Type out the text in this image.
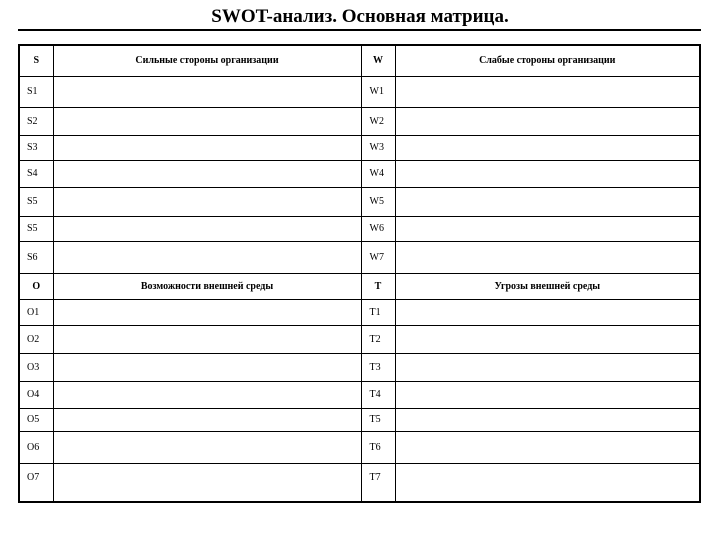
SWOT-анализ. Основная матрица.
S	Сильные стороны организации	W	Слабые стороны организации
S1		W1	
S2		W2	
S3		W3	
S4		W4	
S5		W5	
S5		W6	
S6		W7	
O	Возможности внешней среды	T	Угрозы внешней среды
O1		T1	
O2		T2	
O3		T3	
O4		T4	
O5		T5	
O6		T6	
O7		T7	
